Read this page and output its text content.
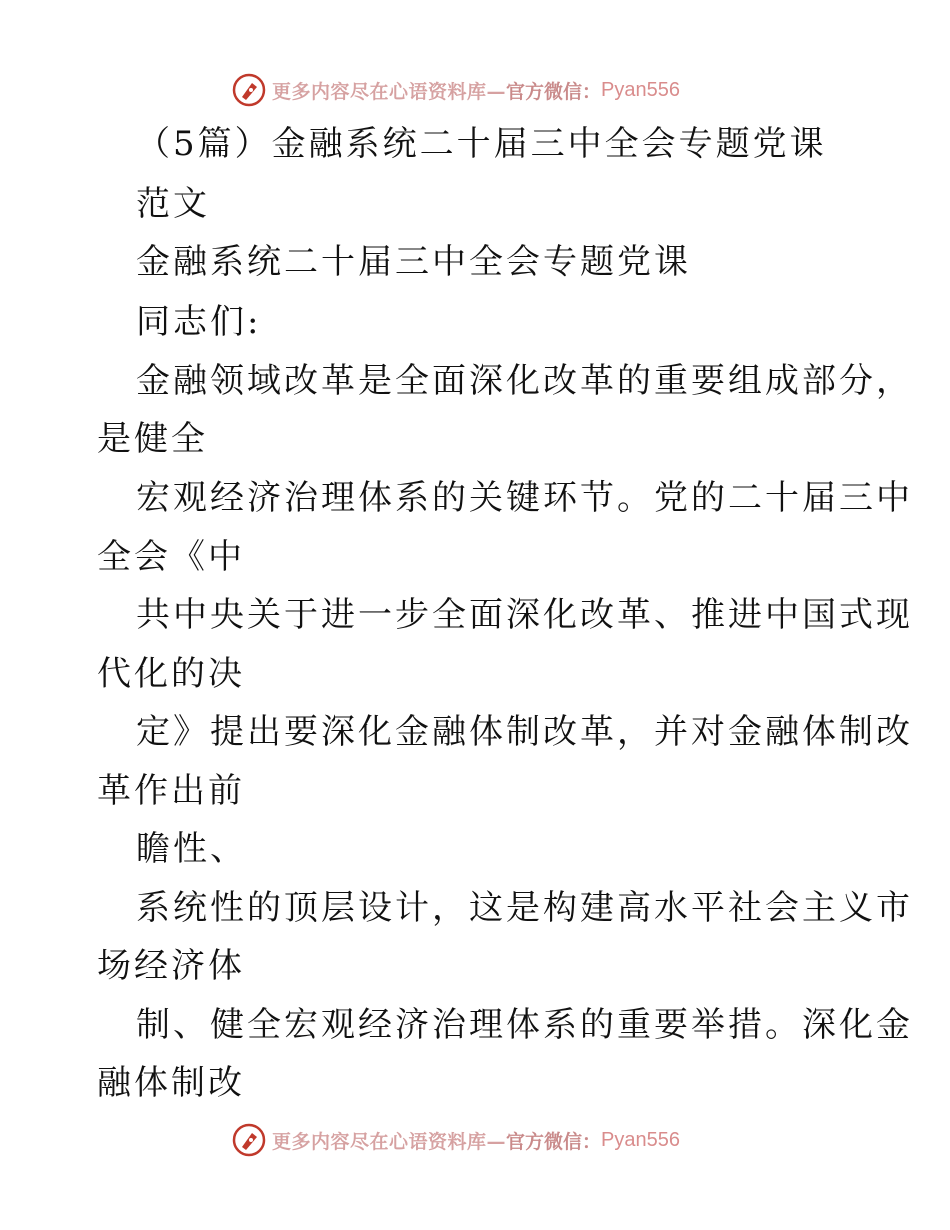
更多内容尽在心语资料库— 官方微信： Pyan556
（5篇）金融系统二十届三中全会专题党课
范文
金融系统二十届三中全会专题党课
同志们:
金融领域改革是全面深化改革的重要组成部分，
是健全
宏观经济治理体系的关键环节。党的二十届三中
全会《中
共中央关于进一步全面深化改革、推进中国式现
代化的决
定》提出要深化金融体制改革，并对金融体制改
革作出前
瞻性、
系统性的顶层设计，这是构建高水平社会主义市
场经济体
制、健全宏观经济治理体系的重要举措。深化金
融体制改
更多内容尽在心语资料库— 官方微信： Pyan556
